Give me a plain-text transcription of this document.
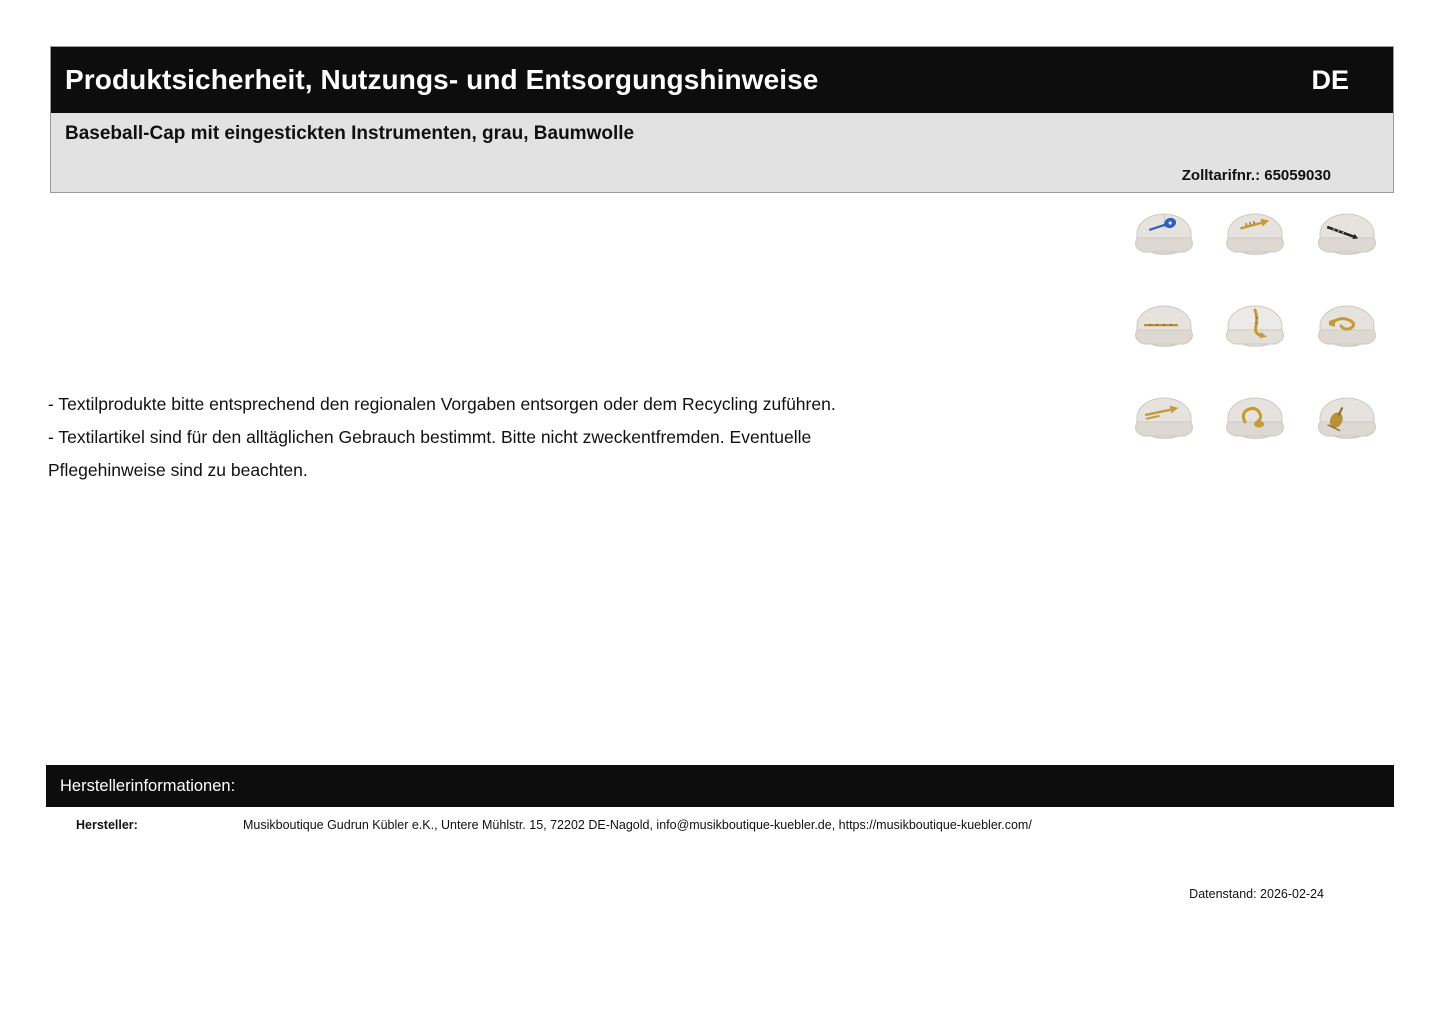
Produktsicherheit, Nutzungs- und Entsorgungshinweise	DE
Baseball-Cap mit eingestickten Instrumenten, grau, Baumwolle
Zolltarifnr.: 65059030

- Textilprodukte bitte entsprechend den regionalen Vorgaben entsorgen oder dem Recycling zuführen.

- Textilartikel sind für den alltäglichen Gebrauch bestimmt. Bitte nicht zweckentfremden. Eventuelle

Pflegehinweise sind zu beachten.

Herstellerinformationen:
Hersteller:	Musikboutique Gudrun Kübler e.K., Untere Mühlstr. 15, 72202 DE-Nagold, info@musikboutique-kuebler.de, https://musikboutique-kuebler.com/
Datenstand: 2026-02-24
